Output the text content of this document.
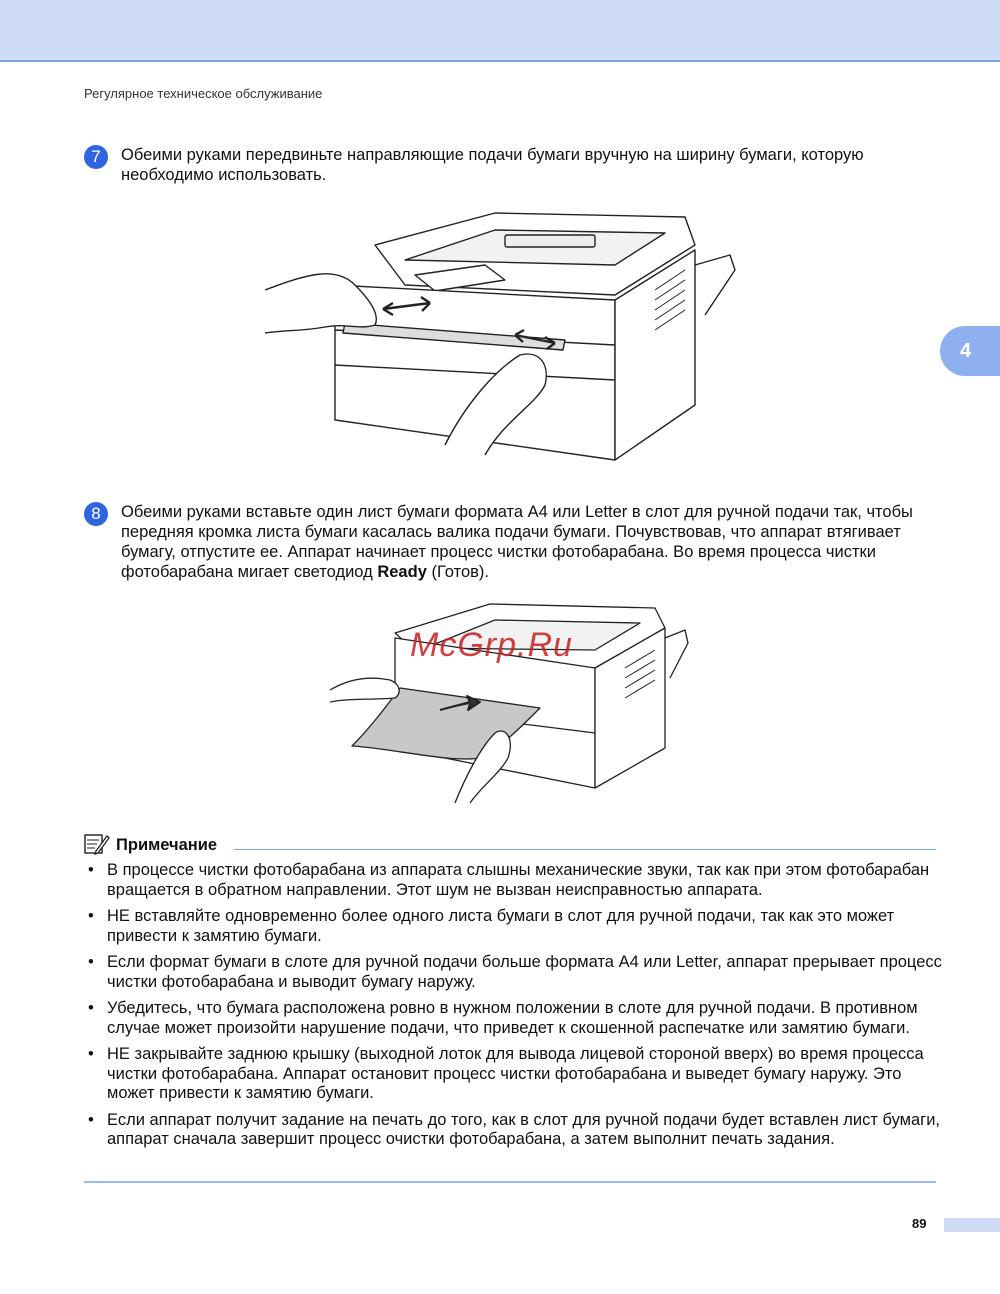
Регулярное техническое обслуживание
4
7	Обеими руками передвиньте направляющие подачи бумаги вручную на ширину бумаги, которую необходимо использовать.
8	Обеими руками вставьте один лист бумаги формата A4 или Letter в слот для ручной подачи так, чтобы передняя кромка листа бумаги касалась валика подачи бумаги. Почувствовав, что аппарат втягивает бумагу, отпустите ее. Аппарат начинает процесс чистки фотобарабана. Во время процесса чистки фотобарабана мигает светодиод Ready (Готов).
McGrp.Ru
Примечание
• В процессе чистки фотобарабана из аппарата слышны механические звуки, так как при этом фотобарабан вращается в обратном направлении. Этот шум не вызван неисправностью аппарата.
• НЕ вставляйте одновременно более одного листа бумаги в слот для ручной подачи, так как это может привести к замятию бумаги.
• Если формат бумаги в слоте для ручной подачи больше формата A4 или Letter, аппарат прерывает процесс чистки фотобарабана и выводит бумагу наружу.
• Убедитесь, что бумага расположена ровно в нужном положении в слоте для ручной подачи. В противном случае может произойти нарушение подачи, что приведет к скошенной распечатке или замятию бумаги.
• НЕ закрывайте заднюю крышку (выходной лоток для вывода лицевой стороной вверх) во время процесса чистки фотобарабана. Аппарат остановит процесс чистки фотобарабана и выведет бумагу наружу. Это может привести к замятию бумаги.
• Если аппарат получит задание на печать до того, как в слот для ручной подачи будет вставлен лист бумаги, аппарат сначала завершит процесс очистки фотобарабана, а затем выполнит печать задания.
89
